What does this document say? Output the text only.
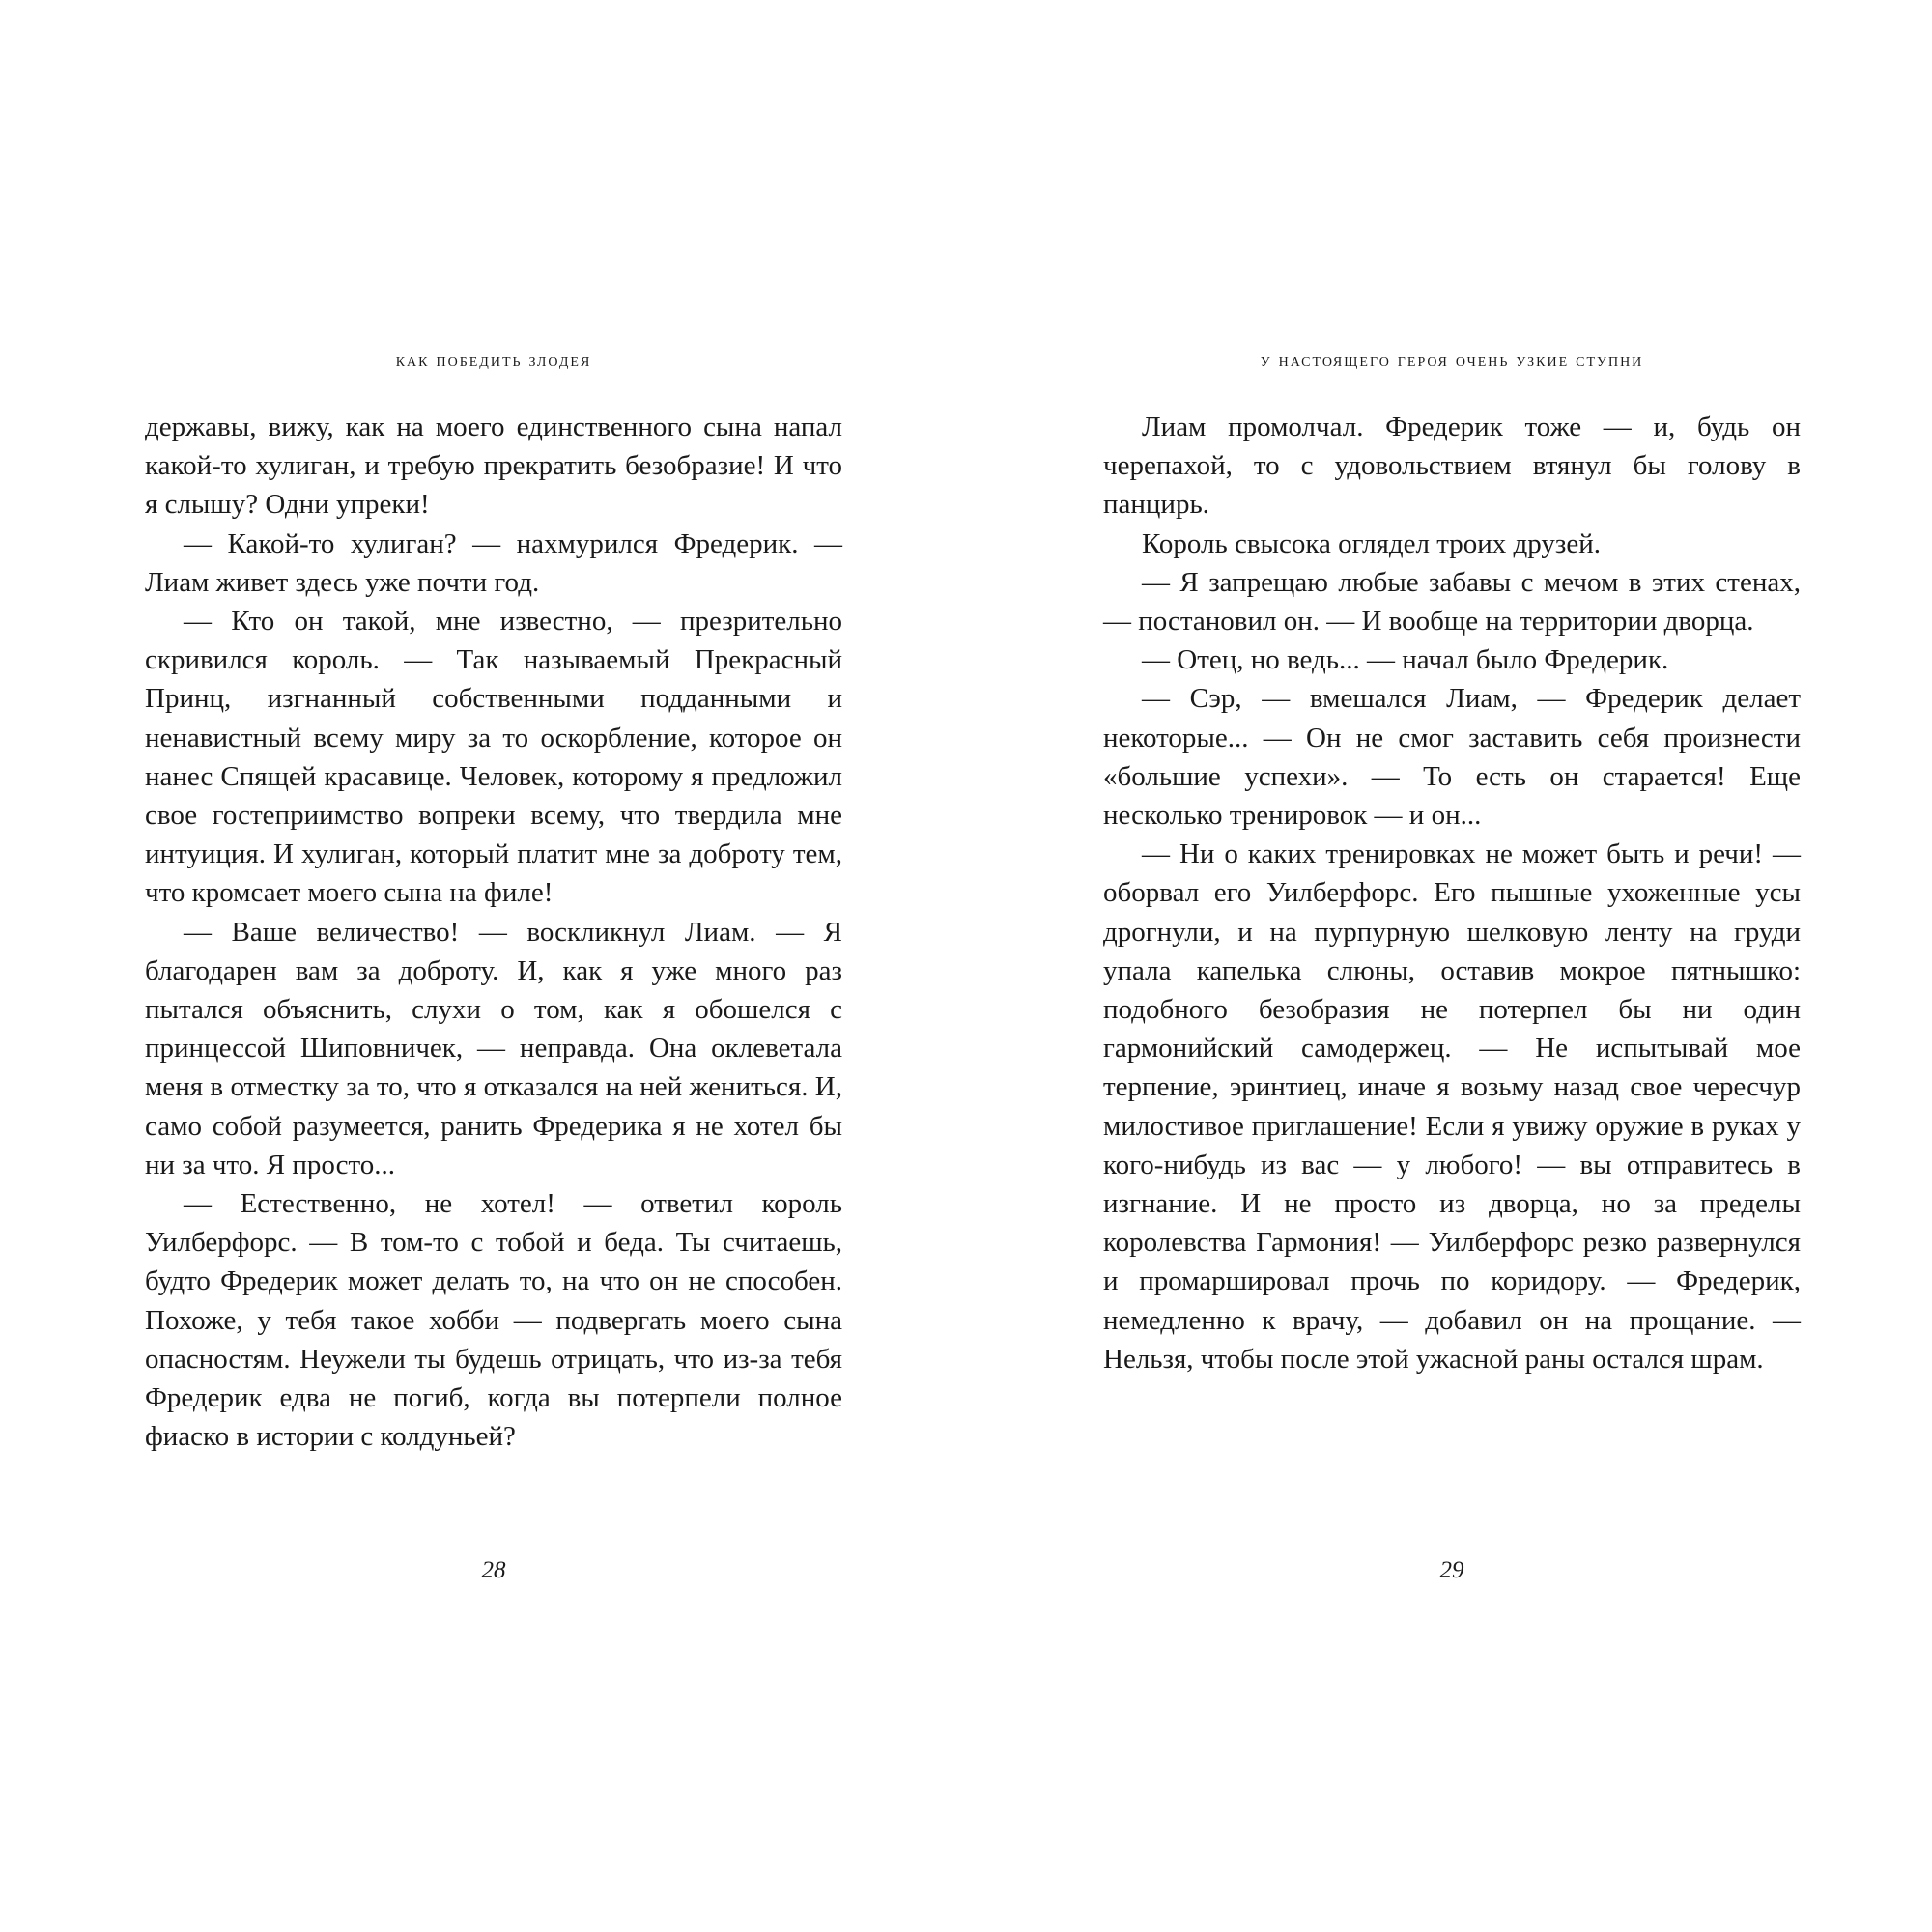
как победить злодея

державы, вижу, как на моего единственного сына напал какой-то хулиган, и требую прекратить безобразие! И что я слышу? Одни упреки!

— Какой-то хулиган? — нахмурился Фредерик. — Лиам живет здесь уже почти год.

— Кто он такой, мне известно, — презрительно скривился король. — Так называемый Прекрасный Принц, изгнанный собственными подданными и ненавистный всему миру за то оскорбление, которое он нанес Спящей красавице. Человек, которому я предложил свое гостеприимство вопреки всему, что твердила мне интуиция. И хулиган, который платит мне за доброту тем, что кромсает моего сына на филе!

— Ваше величество! — воскликнул Лиам. — Я благодарен вам за доброту. И, как я уже много раз пытался объяснить, слухи о том, как я обошелся с принцессой Шиповничек, — неправда. Она оклеветала меня в отместку за то, что я отказался на ней жениться. И, само собой разумеется, ранить Фредерика я не хотел бы ни за что. Я просто...

— Естественно, не хотел! — ответил король Уилберфорс. — В том-то с тобой и беда. Ты считаешь, будто Фредерик может делать то, на что он не способен. Похоже, у тебя такое хобби — подвергать моего сына опасностям. Неужели ты будешь отрицать, что из-за тебя Фредерик едва не погиб, когда вы потерпели полное фиаско в истории с колдуньей?

28
у настоящего героя очень узкие ступни

Лиам промолчал. Фредерик тоже — и, будь он черепахой, то с удовольствием втянул бы голову в панцирь.

Король свысока оглядел троих друзей.

— Я запрещаю любые забавы с мечом в этих стенах, — постановил он. — И вообще на территории дворца.

— Отец, но ведь... — начал было Фредерик.

— Сэр, — вмешался Лиам, — Фредерик делает некоторые... — Он не смог заставить себя произнести «большие успехи». — То есть он старается! Еще несколько тренировок — и он...

— Ни о каких тренировках не может быть и речи! — оборвал его Уилберфорс. Его пышные ухоженные усы дрогнули, и на пурпурную шелковую ленту на груди упала капелька слюны, оставив мокрое пятнышко: подобного безобразия не потерпел бы ни один гармонийский самодержец. — Не испытывай мое терпение, эринтиец, иначе я возьму назад свое чересчур милостивое приглашение! Если я увижу оружие в руках у кого-нибудь из вас — у любого! — вы отправитесь в изгнание. И не просто из дворца, но за пределы королевства Гармония! — Уилберфорс резко развернулся и промаршировал прочь по коридору. — Фредерик, немедленно к врачу, — добавил он на прощание. — Нельзя, чтобы после этой ужасной раны остался шрам.

29
